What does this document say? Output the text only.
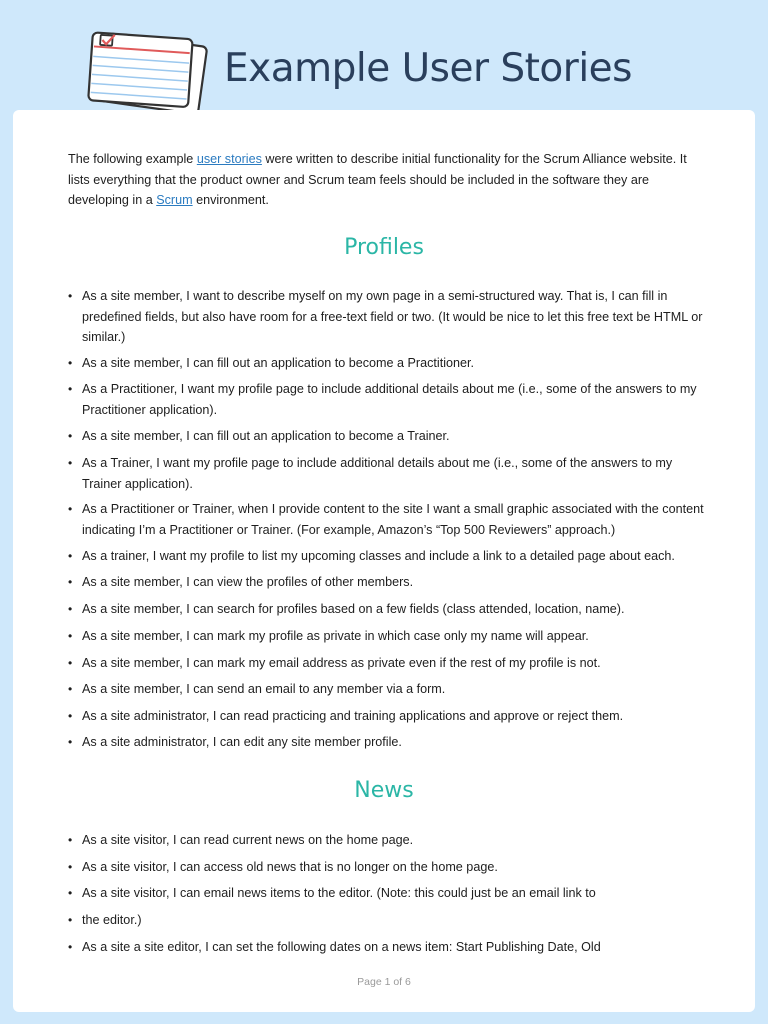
Example User Stories

The following example user stories were written to describe initial functionality for the Scrum Alliance website. It lists everything that the product owner and Scrum team feels should be included in the software they are developing in a Scrum environment.

Profiles
• As a site member, I want to describe myself on my own page in a semi-structured way. That is, I can fill in predefined fields, but also have room for a free-text field or two. (It would be nice to let this free text be HTML or similar.)
• As a site member, I can fill out an application to become a Practitioner.
• As a Practitioner, I want my profile page to include additional details about me (i.e., some of the answers to my Practitioner application).
• As a site member, I can fill out an application to become a Trainer.
• As a Trainer, I want my profile page to include additional details about me (i.e., some of the answers to my Trainer application).
• As a Practitioner or Trainer, when I provide content to the site I want a small graphic associated with the content indicating I’m a Practitioner or Trainer. (For example, Amazon’s “Top 500 Reviewers” approach.)
• As a trainer, I want my profile to list my upcoming classes and include a link to a detailed page about each.
• As a site member, I can view the profiles of other members.
• As a site member, I can search for profiles based on a few fields (class attended, location, name).
• As a site member, I can mark my profile as private in which case only my name will appear.
• As a site member, I can mark my email address as private even if the rest of my profile is not.
• As a site member, I can send an email to any member via a form.
• As a site administrator, I can read practicing and training applications and approve or reject them.
• As a site administrator, I can edit any site member profile.
News
• As a site visitor, I can read current news on the home page.
• As a site visitor, I can access old news that is no longer on the home page.
• As a site visitor, I can email news items to the editor. (Note: this could just be an email link to
• the editor.)
• As a site a site editor, I can set the following dates on a news item: Start Publishing Date, Old
Page 1 of 6
